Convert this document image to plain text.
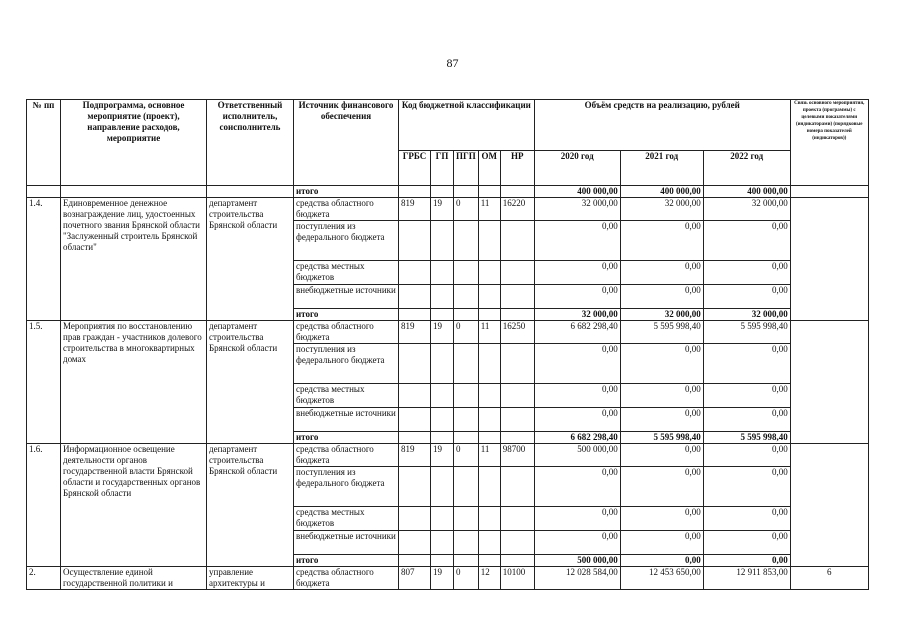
87
№ пп	Подпрограмма, основное мероприятие (проект), направление расходов, мероприятие	Ответственный исполнитель, соисполнитель	Источник финансового обеспечения	Код бюджетной классификации					Объём средств на реализацию, рублей			Связь основного мероприятия, проекта (программы) с целевыми показателями (индикаторами) (порядковые номера показателей (индикаторов))
				ГРБС	ГП	ПГП	ОМ	НР	2020 год	2021 год	2022 год	
			итого						400 000,00	400 000,00	400 000,00	
1.4.	Единовременное денежное вознаграждение лиц, удостоенных почетного звания Брянской области "Заслуженный строитель Брянской области"	департамент строительства Брянской области	средства областного бюджета	819	19	0	11	16220	32 000,00	32 000,00	32 000,00	
			поступления из федерального бюджета						0,00	0,00	0,00	
			средства местных бюджетов						0,00	0,00	0,00	
			внебюджетные источники						0,00	0,00	0,00	
			итого						32 000,00	32 000,00	32 000,00	
1.5.	Мероприятия по восстановлению прав граждан - участников долевого строительства в многоквартирных домах	департамент строительства Брянской области	средства областного бюджета	819	19	0	11	16250	6 682 298,40	5 595 998,40	5 595 998,40	
			поступления из федерального бюджета						0,00	0,00	0,00	
			средства местных бюджетов						0,00	0,00	0,00	
			внебюджетные источники						0,00	0,00	0,00	
			итого						6 682 298,40	5 595 998,40	5 595 998,40	
1.6.	Информационное освещение деятельности органов государственной власти Брянской области и государственных органов Брянской области	департамент строительства Брянской области	средства областного бюджета	819	19	0	11	98700	500 000,00	0,00	0,00	
			поступления из федерального бюджета						0,00	0,00	0,00	
			средства местных бюджетов						0,00	0,00	0,00	
			внебюджетные источники						0,00	0,00	0,00	
			итого						500 000,00	0,00	0,00	
2.	Осуществление единой государственной политики и	управление архитектуры и	средства областного бюджета	807	19	0	12	10100	12 028 584,00	12 453 650,00	12 911 853,00	6
